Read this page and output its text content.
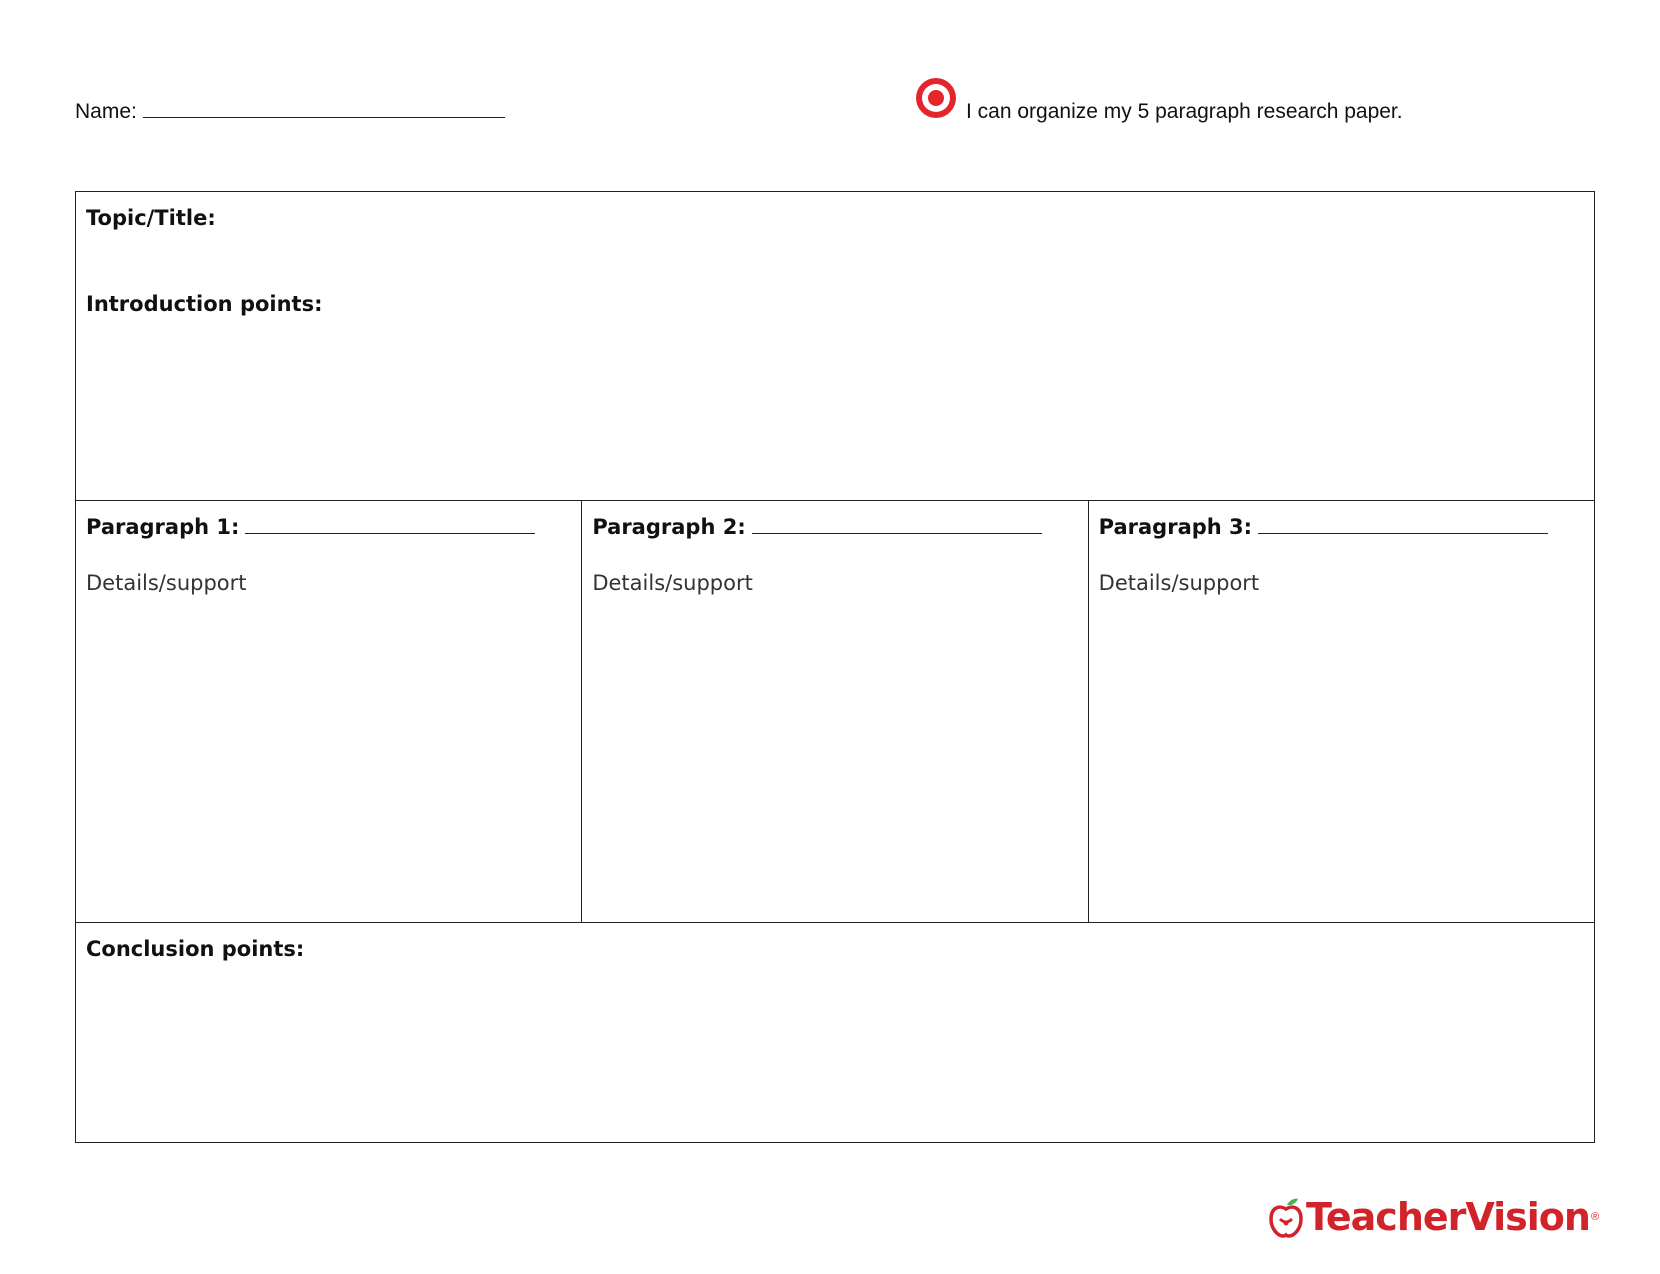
Name:	I can organize my 5 paragraph research paper.
Topic/Title:
Introduction points:
Paragraph 1:
Details/support
Paragraph 2:
Details/support
Paragraph 3:
Details/support
Conclusion points:
TeacherVision ®
